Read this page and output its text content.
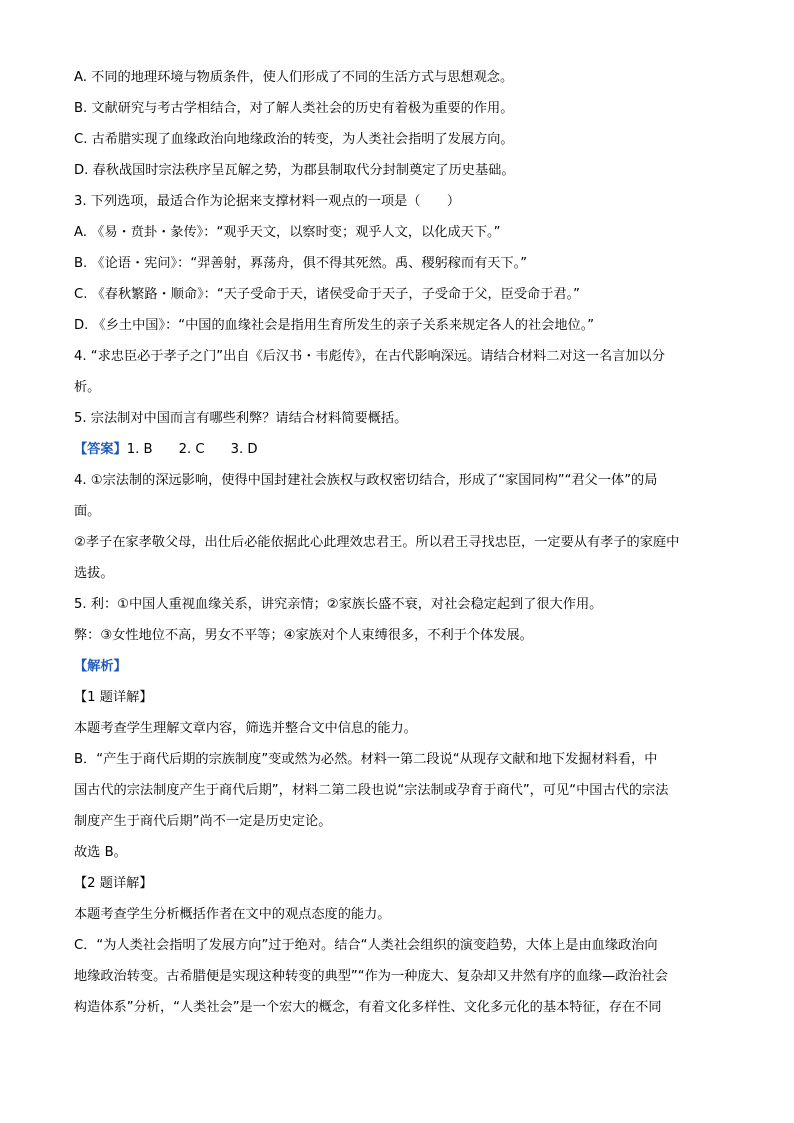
A. 不同的地理环境与物质条件，使人们形成了不同的生活方式与思想观念。
B. 文献研究与考古学相结合，对了解人类社会的历史有着极为重要的作用。
C. 古希腊实现了血缘政治向地缘政治的转变，为人类社会指明了发展方向。
D. 春秋战国时宗法秩序呈瓦解之势，为郡县制取代分封制奠定了历史基础。
3. 下列选项，最适合作为论据来支撑材料一观点的一项是（　　）
A. 《易・贲卦・彖传》：“观乎天文，以察时变；观乎人文，以化成天下。”
B. 《论语・宪问》：“羿善射，奡荡舟，俱不得其死然。禹、稷躬稼而有天下。”
C. 《春秋繁路・顺命》：“天子受命于天，诸侯受命于天子，子受命于父，臣受命于君。”
D. 《乡土中国》：“中国的血缘社会是指用生育所发生的亲子关系来规定各人的社会地位。”
4. “求忠臣必于孝子之门”出自《后汉书・韦彪传》，在古代影响深远。请结合材料二对这一名言加以分
析。
5. 宗法制对中国而言有哪些利弊？请结合材料简要概括。
【答案】1. B 2. C 3. D
4. ①宗法制的深远影响，使得中国封建社会族权与政权密切结合，形成了“家国同构”“君父一体”的局
面。
②孝子在家孝敬父母，出仕后必能依据此心此理效忠君王。所以君王寻找忠臣，一定要从有孝子的家庭中
选拔。
5. 利：①中国人重视血缘关系，讲究亲情；②家族长盛不衰，对社会稳定起到了很大作用。
弊：③女性地位不高，男女不平等；④家族对个人束缚很多，不利于个体发展。
【解析】
【1 题详解】
本题考查学生理解文章内容，筛选并整合文中信息的能力。
B．“产生于商代后期的宗族制度”变或然为必然。材料一第二段说“从现存文献和地下发掘材料看，中
国古代的宗法制度产生于商代后期”，材料二第二段也说“宗法制或孕育于商代”，可见“中国古代的宗法
制度产生于商代后期”尚不一定是历史定论。
故选 B。
【2 题详解】
本题考查学生分析概括作者在文中的观点态度的能力。
C．“为人类社会指明了发展方向”过于绝对。结合“人类社会组织的演变趋势，大体上是由血缘政治向
地缘政治转变。古希腊便是实现这种转变的典型”“作为一种庞大、复杂却又井然有序的血缘—政治社会
构造体系”分析，“人类社会”是一个宏大的概念，有着文化多样性、文化多元化的基本特征，存在不同
